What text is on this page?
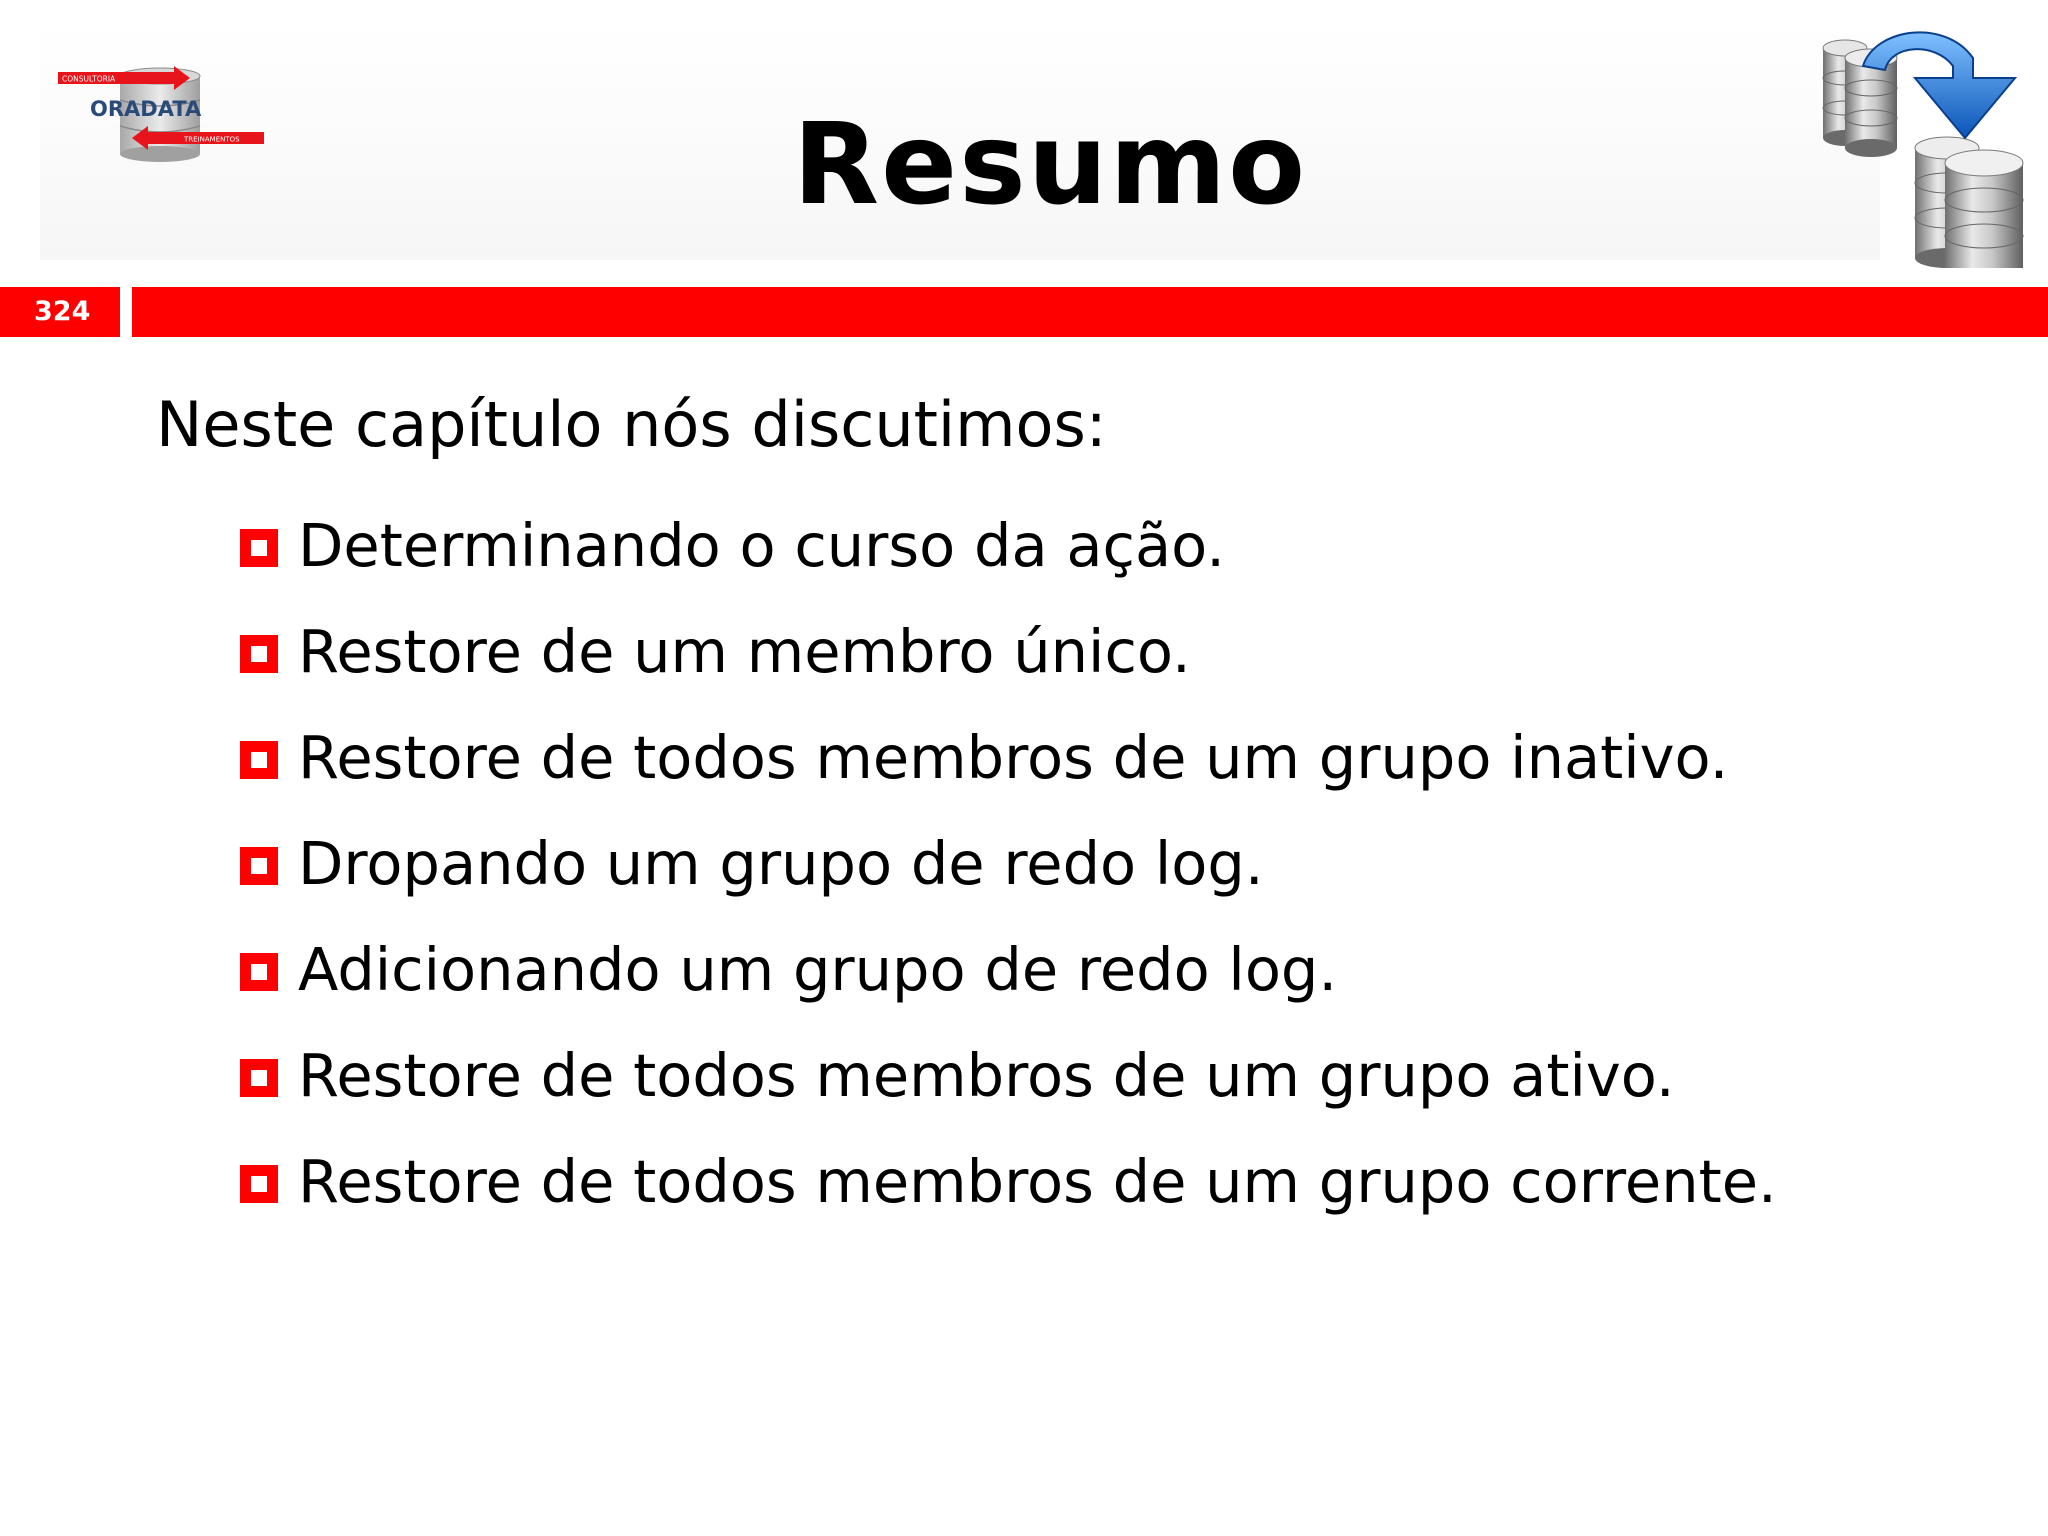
CONSULTORIA
TREINAMENTOS
ORADATA	Resumo
324
Neste capítulo nós discutimos:
Determinando o curso da ação.
Restore de um membro único.
Restore de todos membros de um grupo inativo.
Dropando um grupo de redo log.
Adicionando um grupo de redo log.
Restore de todos membros de um grupo ativo.
Restore de todos membros de um grupo corrente.
